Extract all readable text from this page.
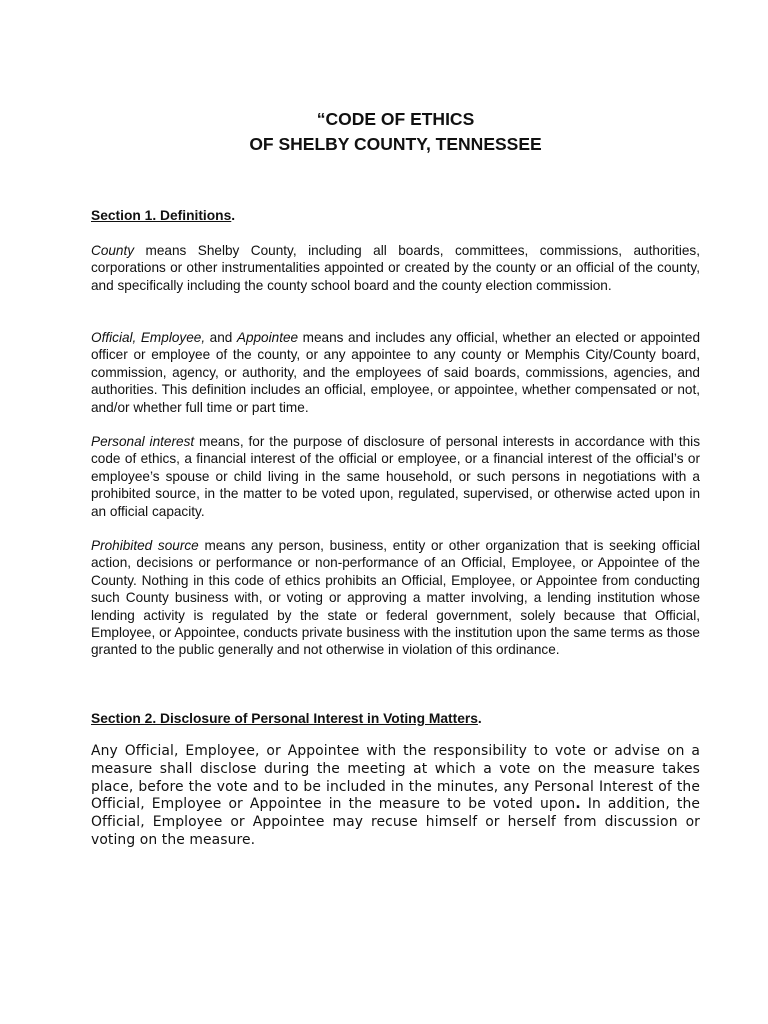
“CODE OF ETHICS
OF SHELBY COUNTY, TENNESSEE

Section 1. Definitions.

County means Shelby County, including all boards, committees, commissions, authorities, corporations or other instrumentalities appointed or created by the county or an official of the county, and specifically including the county school board and the county election commission.

Official, Employee, and Appointee means and includes any official, whether an elected or appointed officer or employee of the county, or any appointee to any county or Memphis City/County board, commission, agency, or authority, and the employees of said boards, commissions, agencies, and authorities. This definition includes an official, employee, or appointee, whether compensated or not, and/or whether full time or part time.

Personal interest means, for the purpose of disclosure of personal interests in accordance with this code of ethics, a financial interest of the official or employee, or a financial interest of the official’s or employee’s spouse or child living in the same household, or such persons in negotiations with a prohibited source, in the matter to be voted upon, regulated, supervised, or otherwise acted upon in an official capacity.

Prohibited source means any person, business, entity or other organization that is seeking official action, decisions or performance or non-performance of an Official, Employee, or Appointee of the County. Nothing in this code of ethics prohibits an Official, Employee, or Appointee from conducting such County business with, or voting or approving a matter involving, a lending institution whose lending activity is regulated by the state or federal government, solely because that Official, Employee, or Appointee, conducts private business with the institution upon the same terms as those granted to the public generally and not otherwise in violation of this ordinance.

Section 2. Disclosure of Personal Interest in Voting Matters.

Any Official, Employee, or Appointee with the responsibility to vote or advise on a measure shall disclose during the meeting at which a vote on the measure takes place, before the vote and to be included in the minutes, any Personal Interest of the Official, Employee or Appointee in the measure to be voted upon. In addition, the Official, Employee or Appointee may recuse himself or herself from discussion or voting on the measure.
